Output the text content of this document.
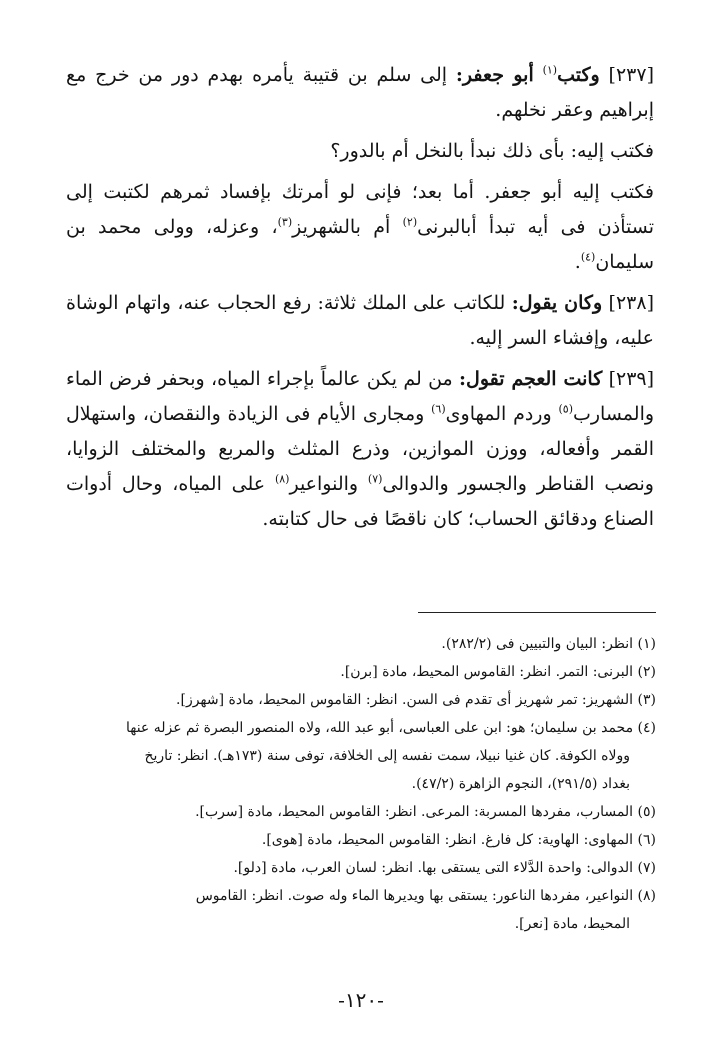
[٢٣٧] وكتب$^{(١)}$ أبو جعفر: إلى سلم بن قتيبة يأمره بهدم دور من خرج مع إبراهيم وعقر نخلهم.

فكتب إليه: بأى ذلك نبدأ بالنخل أم بالدور؟

فكتب إليه أبو جعفر. أما بعد؛ فإنى لو أمرتك بإفساد ثمرهم لكتبت إلى تستأذن فى أيه تبدأ أبالبرنى$^{(٢)}$ أم بالشهريز$^{(٣)}$، وعزله، وولى محمد بن سليمان$^{(٤)}$.

[٢٣٨] وكان يقول: للكاتب على الملك ثلاثة: رفع الحجاب عنه، واتهام الوشاة عليه، وإفشاء السر إليه.

[٢٣٩] كانت العجم تقول: من لم يكن عالماً بإجراء المياه، وبحفر فرض الماء والمسارب$^{(٥)}$ وردم المهاوى$^{(٦)}$ ومجارى الأيام فى الزيادة والنقصان، واستهلال القمر وأفعاله، ووزن الموازين، وذرع المثلث والمربع والمختلف الزوايا، ونصب القناطر والجسور والدوالى$^{(٧)}$ والنواعير$^{(٨)}$ على المياه، وحال أدوات الصناع ودقائق الحساب؛ كان ناقصًا فى حال كتابته.

(١) انظر: البيان والتبيين فى (٢٨٢/٢).

(٢) البرنى: التمر. انظر: القاموس المحيط، مادة [برن].

(٣) الشهريز: تمر شهريز أى تقدم فى السن. انظر: القاموس المحيط، مادة [شهرز].

(٤) محمد بن سليمان؛ هو: ابن على العباسى، أبو عبد الله، ولاه المنصور البصرة ثم عزله عنها
وولاه الكوفة. كان غنيا نبيلا، سمت نفسه إلى الخلافة، توفى سنة (١٧٣هـ). انظر: تاريخ
بغداد (٢٩١/٥)، النجوم الزاهرة (٤٧/٢).

(٥) المسارب، مفردها المسربة: المرعى. انظر: القاموس المحيط، مادة [سرب].

(٦) المهاوى: الهاوية: كل فارغ. انظر: القاموس المحيط، مادة [هوى].

(٧) الدوالى: واحدة الدَّلاء التى يستقى بها. انظر: لسان العرب، مادة [دلو].

(٨) النواعير، مفردها الناعور: يستقى بها ويديرها الماء وله صوت. انظر: القاموس
المحيط، مادة [نعر].

-١٢٠-
